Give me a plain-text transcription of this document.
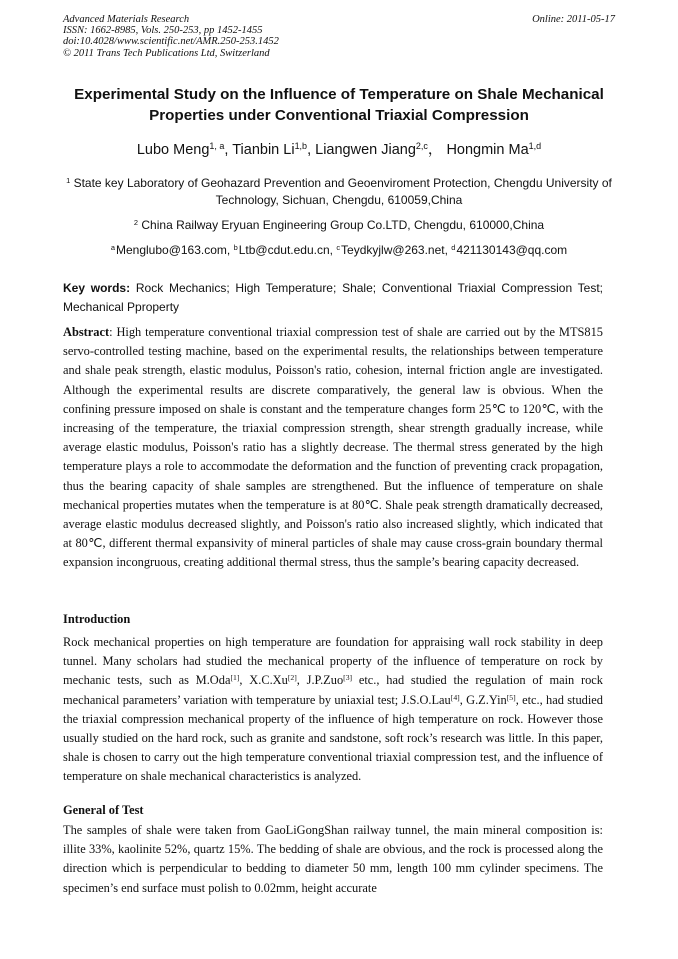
Advanced Materials Research
ISSN: 1662-8985, Vols. 250-253, pp 1452-1455
doi:10.4028/www.scientific.net/AMR.250-253.1452
© 2011 Trans Tech Publications Ltd, Switzerland
Online: 2011-05-17
Experimental Study on the Influence of Temperature on Shale Mechanical Properties under Conventional Triaxial Compression
Lubo Meng$^{1, a}$, Tianbin Li$^{1,b}$, Liangwen Jiang$^{2,c}$， Hongmin Ma$^{1,d}$
$^1$ State key Laboratory of Geohazard Prevention and Geoenviroment Protection, Chengdu University of Technology, Sichuan, Chengdu, 610059,China
$^2$ China Railway Eryuan Engineering Group Co.LTD, Chengdu, 610000,China
$^a$ Menglubo@163.com, $^b$ Ltb@cdut.edu.cn, $^c$ Teydkyjlw@263.net, $^d$ 421130143@qq.com
Key words: Rock Mechanics; High Temperature; Shale; Conventional Triaxial Compression Test; Mechanical Pproperty
Abstract: High temperature conventional triaxial compression test of shale are carried out by the MTS815 servo-controlled testing machine, based on the experimental results, the relationships between temperature and shale peak strength, elastic modulus, Poisson's ratio, cohesion, internal friction angle are investigated. Although the experimental results are discrete comparatively, the general law is obvious. When the confining pressure imposed on shale is constant and the temperature changes form 25℃ to 120℃, with the increasing of the temperature, the triaxial compression strength, shear strength gradually increase, while average elastic modulus, Poisson's ratio has a slightly decrease. The thermal stress generated by the high temperature plays a role to accommodate the deformation and the function of preventing crack propagation, thus the bearing capacity of shale samples are strengthened. But the influence of temperature on shale mechanical properties mutates when the temperature is at 80℃. Shale peak strength dramatically decreased, average elastic modulus decreased slightly, and Poisson's ratio also increased slightly, which indicated that at 80℃, different thermal expansivity of mineral particles of shale may cause cross-grain boundary thermal expansion incongruous, creating additional thermal stress, thus the sample’s bearing capacity decreased.
Introduction
Rock mechanical properties on high temperature are foundation for appraising wall rock stability in deep tunnel. Many scholars had studied the mechanical property of the influence of temperature on rock by mechanic tests, such as M.Oda[1], X.C.Xu[2], J.P.Zuo[3] etc., had studied the regulation of main rock mechanical parameters’ variation with temperature by uniaxial test; J.S.O.Lau[4], G.Z.Yin[5], etc., had studied the triaxial compression mechanical property of the influence of high temperature on rock. However those usually studied on the hard rock, such as granite and sandstone, soft rock’s research was little. In this paper, shale is chosen to carry out the high temperature conventional triaxial compression test, and the influence of temperature on shale mechanical characteristics is analyzed.
General of Test
The samples of shale were taken from GaoLiGongShan railway tunnel, the main mineral composition is: illite 33%, kaolinite 52%, quartz 15%. The bedding of shale are obvious, and the rock is processed along the direction which is perpendicular to bedding to diameter 50 mm, length 100 mm cylinder specimens. The specimen’s end surface must polish to 0.02mm, height accurate
